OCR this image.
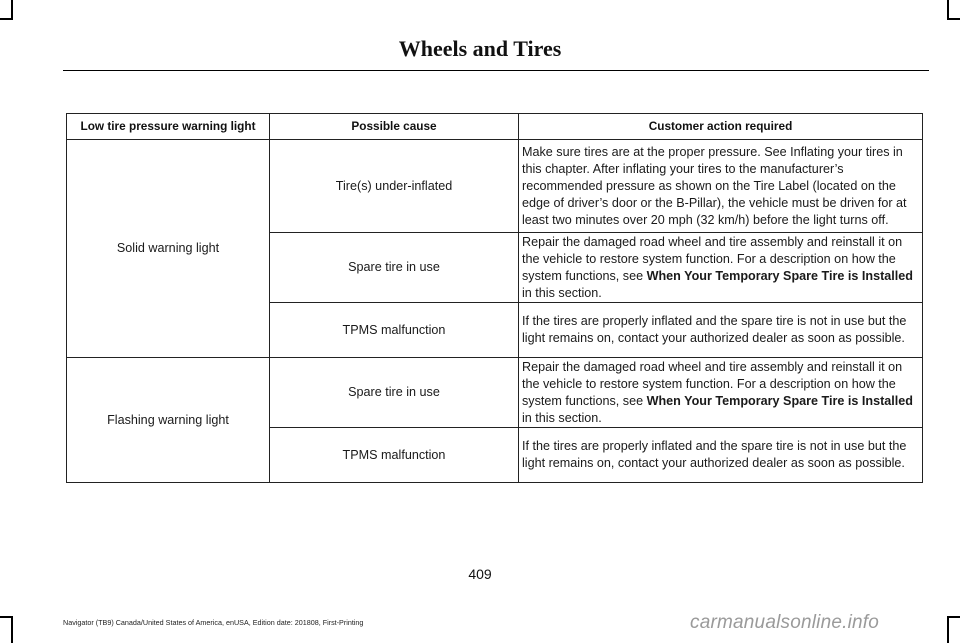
Wheels and Tires
Low tire pressure warning light	Possible cause	Customer action required
Solid warning light	Tire(s) under-inflated	Make sure tires are at the proper pressure. See Inflating your tires in this chapter. After inflating your tires to the manufacturer’s recommended pressure as shown on the Tire Label (located on the edge of driver’s door or the B-Pillar), the vehicle must be driven for at least two minutes over 20 mph (32 km/h) before the light turns off.
	Spare tire in use	Repair the damaged road wheel and tire assembly and reinstall it on the vehicle to restore system function. For a description on how the system functions, see When Your Temporary Spare Tire is Installed in this section.
	TPMS malfunction	If the tires are properly inflated and the spare tire is not in use but the light remains on, contact your authorized dealer as soon as possible.
Flashing warning light	Spare tire in use	Repair the damaged road wheel and tire assembly and reinstall it on the vehicle to restore system function. For a description on how the system functions, see When Your Temporary Spare Tire is Installed in this section.
	TPMS malfunction	If the tires are properly inflated and the spare tire is not in use but the light remains on, contact your authorized dealer as soon as possible.
409
Navigator (TB9) Canada/United States of America, enUSA, Edition date: 201808, First-Printing	carmanualsonline.info
